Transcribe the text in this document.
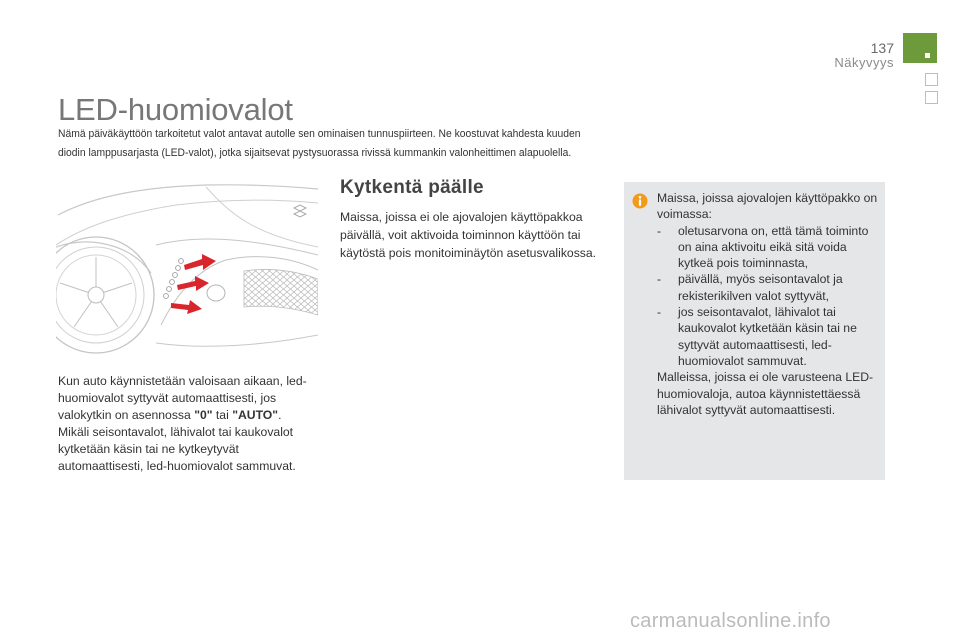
137
Näkyvyys
LED-huomiovalot

Nämä päiväkäyttöön tarkoitetut valot antavat autolle sen ominaisen tunnuspiirteen. Ne koostuvat kahdesta kuuden diodin lamppusarjasta (LED-valot), jotka sijaitsevat pystysuorassa rivissä kummankin valonheittimen alapuolella.

Kun auto käynnistetään valoisaan aikaan, led-huomiovalot syttyvät automaattisesti, jos valokytkin on asennossa "0" tai "AUTO". Mikäli seisontavalot, lähivalot tai kaukovalot kytketään käsin tai ne kytkeytyvät automaattisesti, led-huomiovalot sammuvat.

Kytkentä päälle

Maissa, joissa ei ole ajovalojen käyttöpakkoa päivällä, voit aktivoida toiminnon käyttöön tai käytöstä pois monitoiminäytön asetusvalikossa.

Maissa, joissa ajovalojen käyttöpakko on voimassa:

- oletusarvona on, että tämä toiminto on aina aktivoitu eikä sitä voida kytkeä pois toiminnasta,
- päivällä, myös seisontavalot ja rekisterikilven valot syttyvät,
- jos seisontavalot, lähivalot tai kaukovalot kytketään käsin tai ne syttyvät automaattisesti, led-huomiovalot sammuvat.

Malleissa, joissa ei ole varusteena LED-huomiovaloja, autoa käynnistettäessä lähivalot syttyvät automaattisesti.

carmanualsonline.info
